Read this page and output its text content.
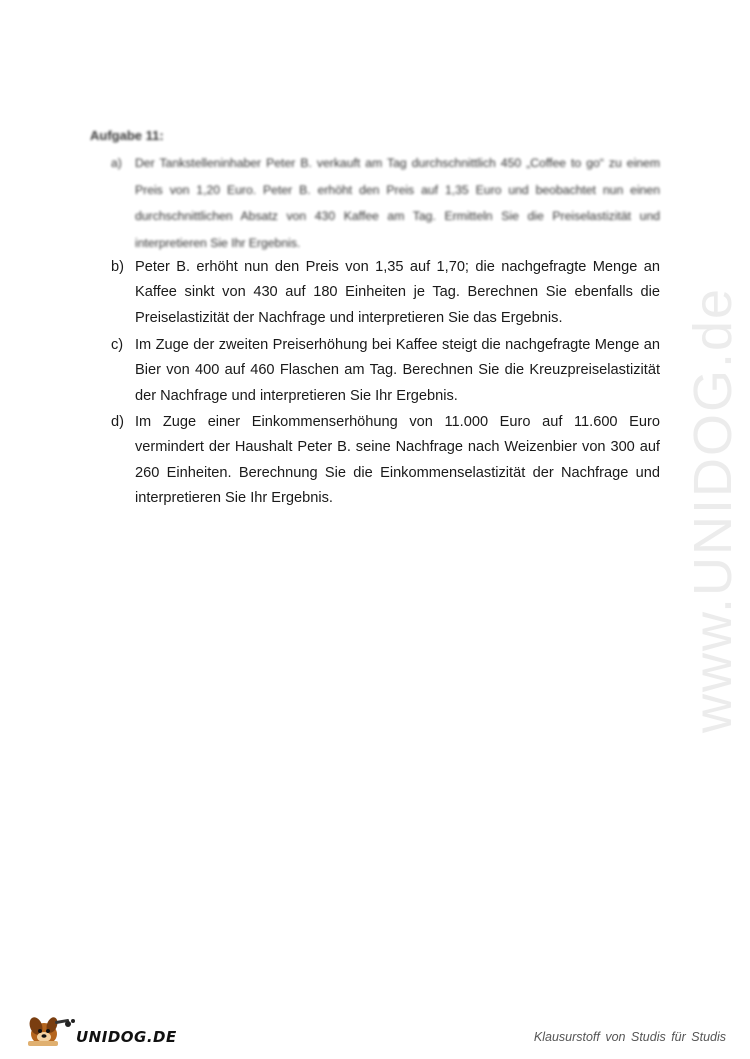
www.UNIDOG.de
Aufgabe 11:
a)	Der Tankstelleninhaber Peter B. verkauft am Tag durchschnittlich 450 „Coffee to go“ zu einem Preis von 1,20 Euro. Peter B. erhöht den Preis auf 1,35 Euro und beobachtet nun einen durchschnittlichen Absatz von 430 Kaffee am Tag. Ermitteln Sie die Preiselastizität und interpretieren Sie Ihr Ergebnis.
b) Peter B. erhöht nun den Preis von 1,35 auf 1,70; die nachgefragte Menge an Kaffee sinkt von 430 auf 180 Einheiten je Tag. Berechnen Sie ebenfalls die Preiselastizität der Nachfrage und interpretieren Sie das Ergebnis.
c) Im Zuge der zweiten Preiserhöhung bei Kaffee steigt die nachgefragte Menge an Bier von 400 auf 460 Flaschen am Tag. Berechnen Sie die Kreuzpreiselastizität der Nachfrage und interpretieren Sie Ihr Ergebnis.
d) Im Zuge einer Einkommenserhöhung von 11.000 Euro auf 11.600 Euro vermindert der Haushalt Peter B. seine Nachfrage nach Weizenbier von 300 auf 260 Einheiten. Berechnung Sie die Einkommenselastizität der Nachfrage und interpretieren Sie Ihr Ergebnis.
UNIDOG.DE	Klausurstoff von Studis für Studis
